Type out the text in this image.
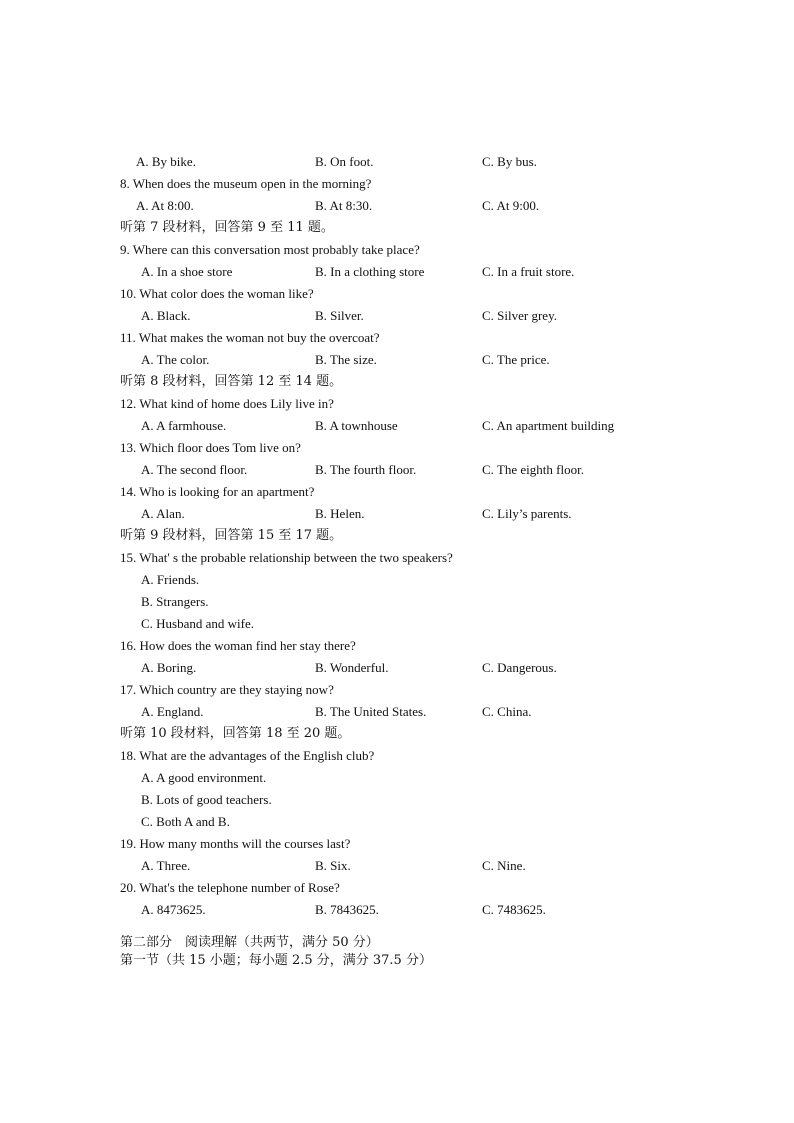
A. By bike.	B. On foot.	C. By bus.
8. When does the museum open in the morning?
A. At 8:00.	B. At 8:30.	C. At 9:00.
听第 7 段材料，回答第 9 至 11 题。
9. Where can this conversation most probably take place?
A. In a shoe store	B. In a clothing store	C. In a fruit store.
10. What color does the woman like?
A. Black.	B. Silver.	C. Silver grey.
11. What makes the woman not buy the overcoat?
A. The color.	B. The size.	C. The price.
听第 8 段材料，回答第 12 至 14 题。
12. What kind of home does Lily live in?
A. A farmhouse.	B. A townhouse	C. An apartment building
13. Which floor does Tom live on?
A. The second floor.	B. The fourth floor.	C. The eighth floor.
14. Who is looking for an apartment?
A. Alan.	B. Helen.	C. Lily’s parents.
听第 9 段材料，回答第 15 至 17 题。
15. What' s the probable relationship between the two speakers?
A. Friends.
B. Strangers.
C. Husband and wife.
16. How does the woman find her stay there?
A. Boring.	B. Wonderful.	C. Dangerous.
17. Which country are they staying now?
A. England.	B. The United States.	C. China.
听第 10 段材料，回答第 18 至 20 题。
18. What are the advantages of the English club?
A. A good environment.
B. Lots of good teachers.
C. Both A and B.
19. How many months will the courses last?
A. Three.	B. Six.	C. Nine.
20. What's the telephone number of Rose?
A. 8473625.	B. 7843625.	C. 7483625.
第二部分　阅读理解（共两节，满分 50 分）
第一节（共 15 小题；每小题 2.5 分，满分 37.5 分）
